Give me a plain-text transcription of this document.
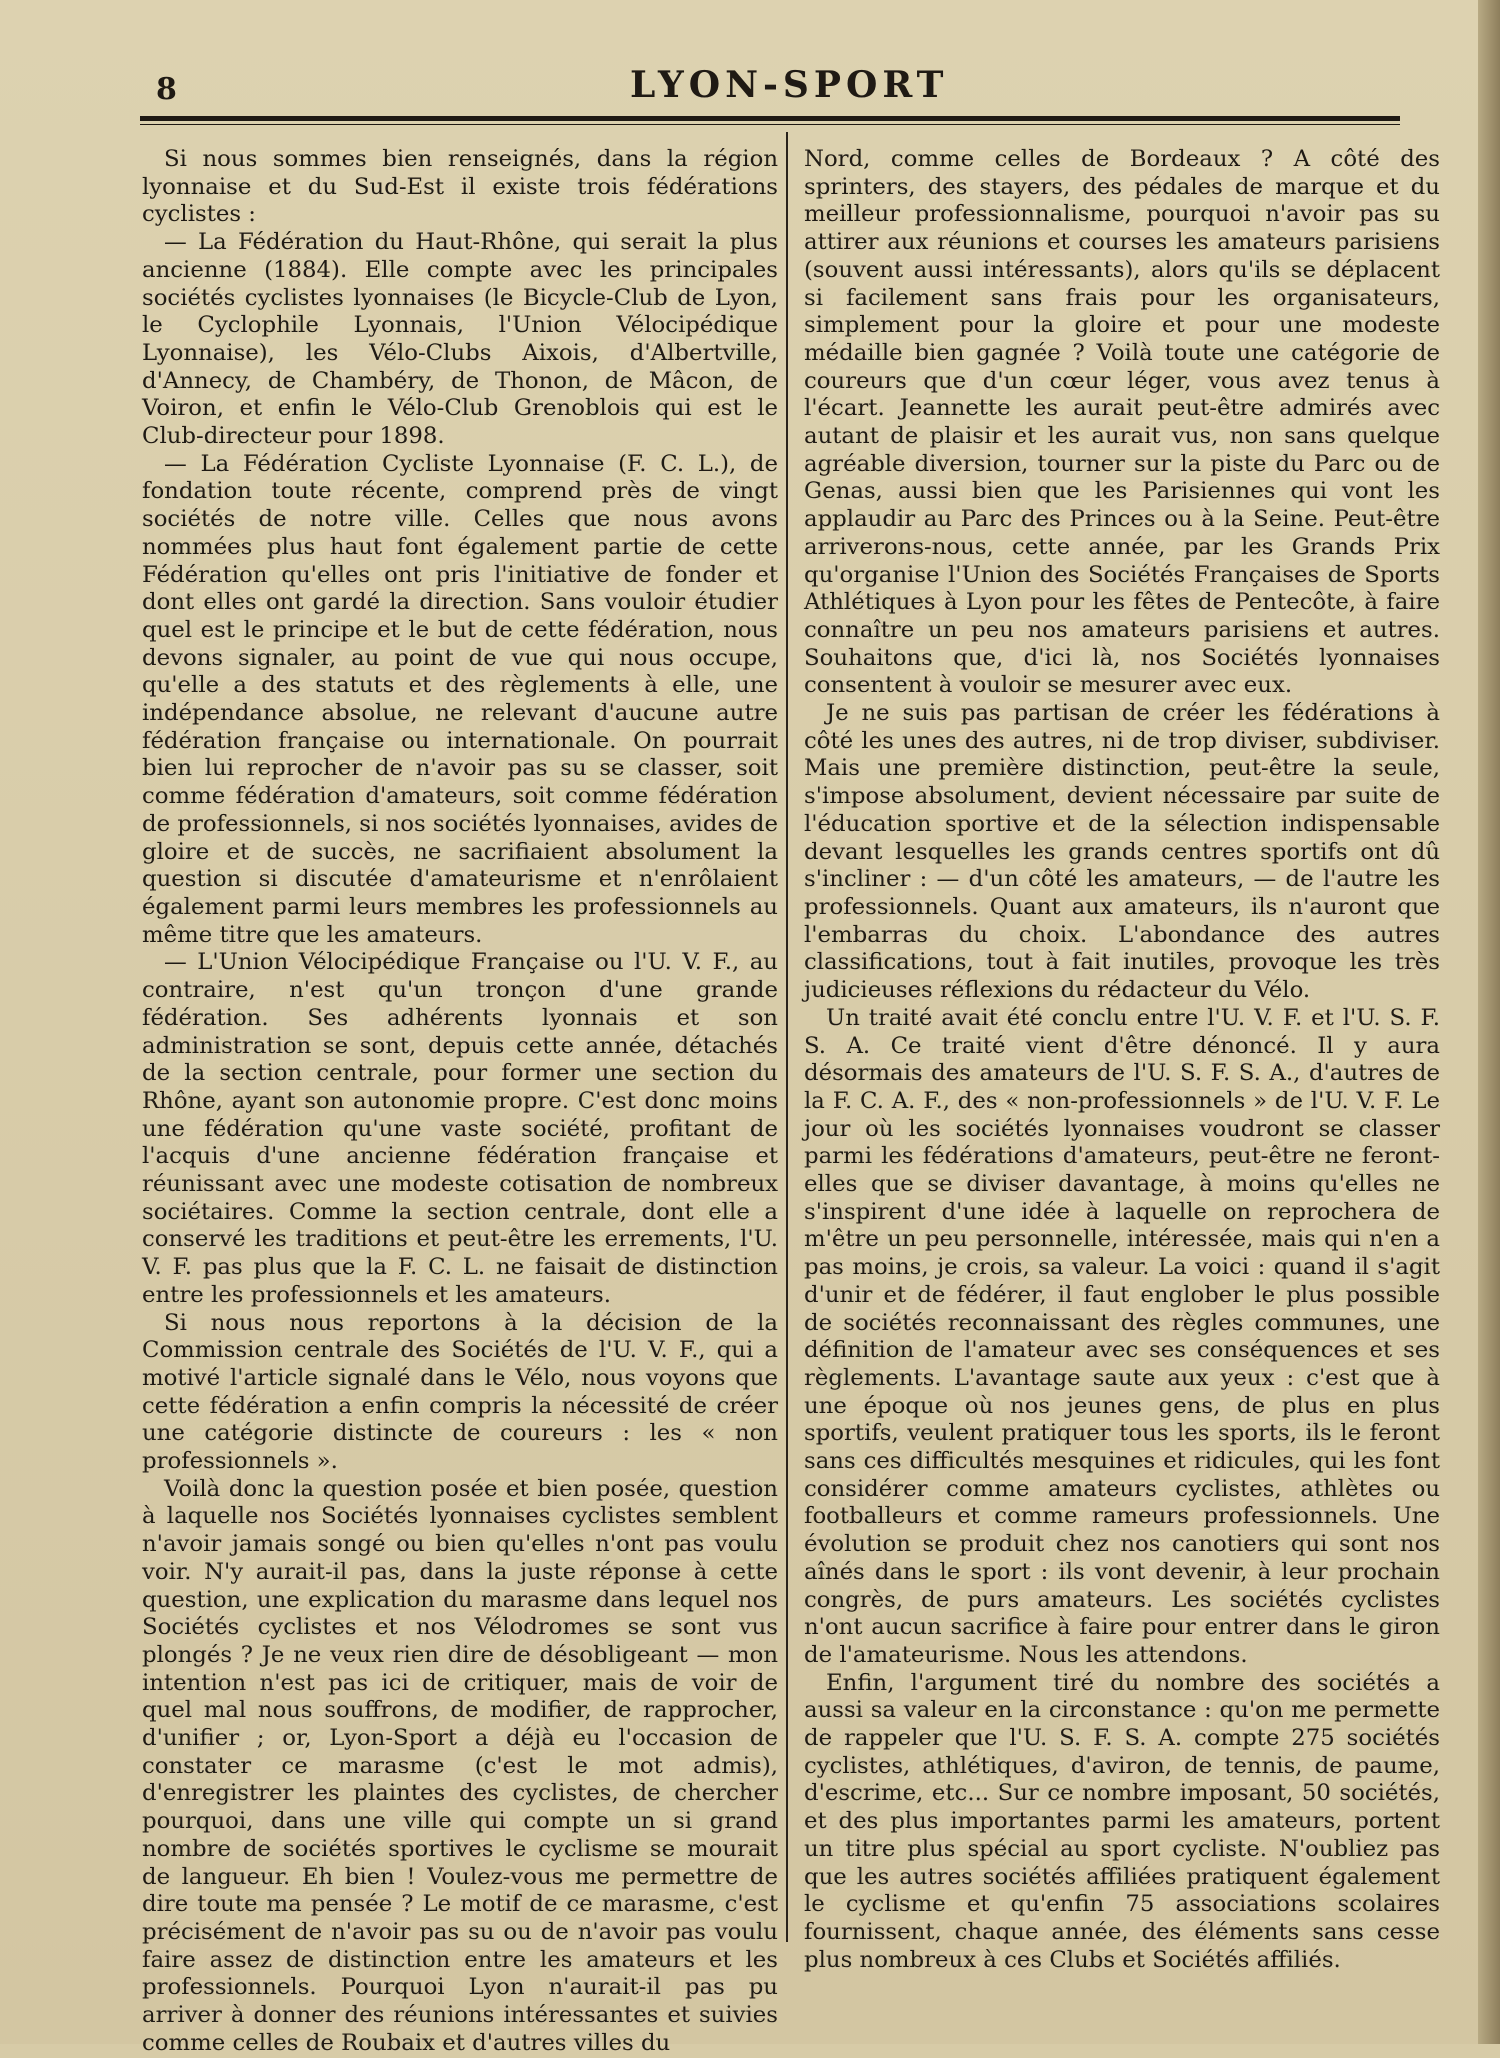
8	LYON-SPORT

Si nous sommes bien renseignés, dans la région lyonnaise et du Sud-Est il existe trois fédérations cyclistes :

— La Fédération du Haut-Rhône, qui serait la plus ancienne (1884). Elle compte avec les principales sociétés cyclistes lyonnaises (le Bicycle-Club de Lyon, le Cyclophile Lyonnais, l'Union Vélocipédique Lyonnaise), les Vélo-Clubs Aixois, d'Albertville, d'Annecy, de Chambéry, de Thonon, de Mâcon, de Voiron, et enfin le Vélo-Club Grenoblois qui est le Club-directeur pour 1898.

— La Fédération Cycliste Lyonnaise (F. C. L.), de fondation toute récente, comprend près de vingt sociétés de notre ville. Celles que nous avons nommées plus haut font également partie de cette Fédération qu'elles ont pris l'initiative de fonder et dont elles ont gardé la direction. Sans vouloir étudier quel est le principe et le but de cette fédération, nous devons signaler, au point de vue qui nous occupe, qu'elle a des statuts et des règlements à elle, une indépendance absolue, ne relevant d'aucune autre fédération française ou internationale. On pourrait bien lui reprocher de n'avoir pas su se classer, soit comme fédération d'amateurs, soit comme fédération de professionnels, si nos sociétés lyonnaises, avides de gloire et de succès, ne sacrifiaient absolument la question si discutée d'amateurisme et n'enrôlaient également parmi leurs membres les professionnels au même titre que les amateurs.

— L'Union Vélocipédique Française ou l'U. V. F., au contraire, n'est qu'un tronçon d'une grande fédération. Ses adhérents lyonnais et son administration se sont, depuis cette année, détachés de la section centrale, pour former une section du Rhône, ayant son autonomie propre. C'est donc moins une fédération qu'une vaste société, profitant de l'acquis d'une ancienne fédération française et réunissant avec une modeste cotisation de nombreux sociétaires. Comme la section centrale, dont elle a conservé les traditions et peut-être les errements, l'U. V. F. pas plus que la F. C. L. ne faisait de distinction entre les professionnels et les amateurs.

Si nous nous reportons à la décision de la Commission centrale des Sociétés de l'U. V. F., qui a motivé l'article signalé dans le Vélo, nous voyons que cette fédération a enfin compris la nécessité de créer une catégorie distincte de coureurs : les « non professionnels ».

Voilà donc la question posée et bien posée, question à laquelle nos Sociétés lyonnaises cyclistes semblent n'avoir jamais songé ou bien qu'elles n'ont pas voulu voir. N'y aurait-il pas, dans la juste réponse à cette question, une explication du marasme dans lequel nos Sociétés cyclistes et nos Vélodromes se sont vus plongés ? Je ne veux rien dire de désobligeant — mon intention n'est pas ici de critiquer, mais de voir de quel mal nous souffrons, de modifier, de rapprocher, d'unifier ; or, Lyon-Sport a déjà eu l'occasion de constater ce marasme (c'est le mot admis), d'enregistrer les plaintes des cyclistes, de chercher pourquoi, dans une ville qui compte un si grand nombre de sociétés sportives le cyclisme se mourait de langueur. Eh bien ! Voulez-vous me permettre de dire toute ma pensée ? Le motif de ce marasme, c'est précisément de n'avoir pas su ou de n'avoir pas voulu faire assez de distinction entre les amateurs et les professionnels. Pourquoi Lyon n'aurait-il pas pu arriver à donner des réunions intéressantes et suivies comme celles de Roubaix et d'autres villes du

Nord, comme celles de Bordeaux ? A côté des sprinters, des stayers, des pédales de marque et du meilleur professionnalisme, pourquoi n'avoir pas su attirer aux réunions et courses les amateurs parisiens (souvent aussi intéressants), alors qu'ils se déplacent si facilement sans frais pour les organisateurs, simplement pour la gloire et pour une modeste médaille bien gagnée ? Voilà toute une catégorie de coureurs que d'un cœur léger, vous avez tenus à l'écart. Jeannette les aurait peut-être admirés avec autant de plaisir et les aurait vus, non sans quelque agréable diversion, tourner sur la piste du Parc ou de Genas, aussi bien que les Parisiennes qui vont les applaudir au Parc des Princes ou à la Seine. Peut-être arriverons-nous, cette année, par les Grands Prix qu'organise l'Union des Sociétés Françaises de Sports Athlétiques à Lyon pour les fêtes de Pentecôte, à faire connaître un peu nos amateurs parisiens et autres. Souhaitons que, d'ici là, nos Sociétés lyonnaises consentent à vouloir se mesurer avec eux.

Je ne suis pas partisan de créer les fédérations à côté les unes des autres, ni de trop diviser, subdiviser. Mais une première distinction, peut-être la seule, s'impose absolument, devient nécessaire par suite de l'éducation sportive et de la sélection indispensable devant lesquelles les grands centres sportifs ont dû s'incliner : — d'un côté les amateurs, — de l'autre les professionnels. Quant aux amateurs, ils n'auront que l'embarras du choix. L'abondance des autres classifications, tout à fait inutiles, provoque les très judicieuses réflexions du rédacteur du Vélo.

Un traité avait été conclu entre l'U. V. F. et l'U. S. F. S. A. Ce traité vient d'être dénoncé. Il y aura désormais des amateurs de l'U. S. F. S. A., d'autres de la F. C. A. F., des « non-professionnels » de l'U. V. F. Le jour où les sociétés lyonnaises voudront se classer parmi les fédérations d'amateurs, peut-être ne feront-elles que se diviser davantage, à moins qu'elles ne s'inspirent d'une idée à laquelle on reprochera de m'être un peu personnelle, intéressée, mais qui n'en a pas moins, je crois, sa valeur. La voici : quand il s'agit d'unir et de fédérer, il faut englober le plus possible de sociétés reconnaissant des règles communes, une définition de l'amateur avec ses conséquences et ses règlements. L'avantage saute aux yeux : c'est que à une époque où nos jeunes gens, de plus en plus sportifs, veulent pratiquer tous les sports, ils le feront sans ces difficultés mesquines et ridicules, qui les font considérer comme amateurs cyclistes, athlètes ou footballeurs et comme rameurs professionnels. Une évolution se produit chez nos canotiers qui sont nos aînés dans le sport : ils vont devenir, à leur prochain congrès, de purs amateurs. Les sociétés cyclistes n'ont aucun sacrifice à faire pour entrer dans le giron de l'amateurisme. Nous les attendons.

Enfin, l'argument tiré du nombre des sociétés a aussi sa valeur en la circonstance : qu'on me permette de rappeler que l'U. S. F. S. A. compte 275 sociétés cyclistes, athlétiques, d'aviron, de tennis, de paume, d'escrime, etc... Sur ce nombre imposant, 50 sociétés, et des plus importantes parmi les amateurs, portent un titre plus spécial au sport cycliste. N'oubliez pas que les autres sociétés affiliées pratiquent également le cyclisme et qu'enfin 75 associations scolaires fournissent, chaque année, des éléments sans cesse plus nombreux à ces Clubs et Sociétés affiliés.
